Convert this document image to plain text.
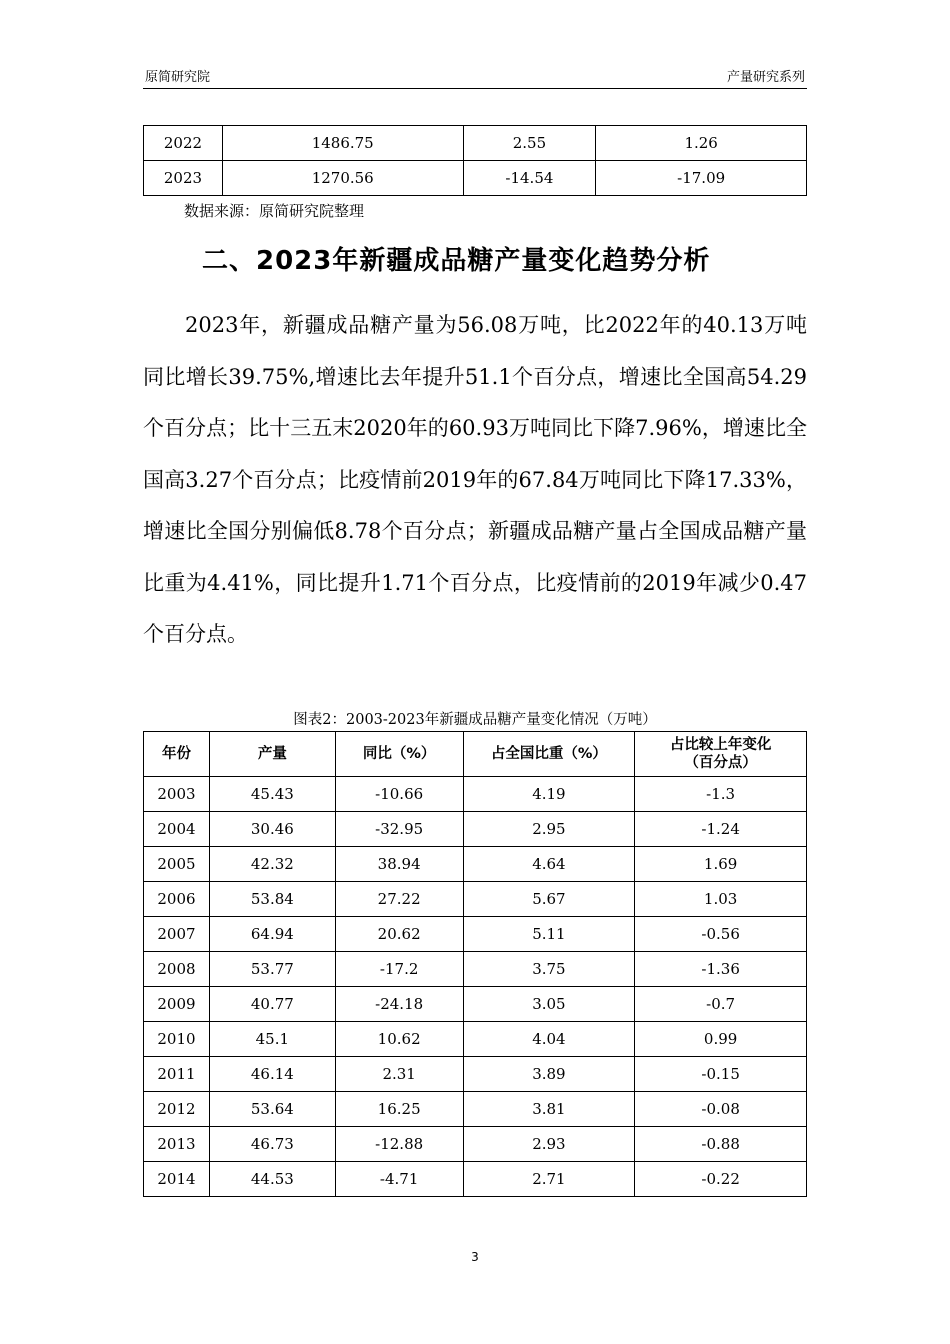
原简研究院	产量研究系列
2022	1486.75	2.55	1.26
2023	1270.56	-14.54	-17.09
数据来源：原简研究院整理
二、2023年新疆成品糖产量变化趋势分析

2023年，新疆成品糖产量为56.08万吨，比2022年的40.13万吨同比增长39.75%,增速比去年提升51.1个百分点，增速比全国高54.29个百分点；比十三五末2020年的60.93万吨同比下降7.96%，增速比全国高3.27个百分点；比疫情前2019年的67.84万吨同比下降17.33%，增速比全国分别偏低8.78个百分点；新疆成品糖产量占全国成品糖产量比重为4.41%，同比提升1.71个百分点，比疫情前的2019年减少0.47个百分点。

图表2：2003-2023年新疆成品糖产量变化情况（万吨）
年份	产量	同比（%）	占全国比重（%）	占比较上年变化
（百分点）
2003	45.43	-10.66	4.19	-1.3
2004	30.46	-32.95	2.95	-1.24
2005	42.32	38.94	4.64	1.69
2006	53.84	27.22	5.67	1.03
2007	64.94	20.62	5.11	-0.56
2008	53.77	-17.2	3.75	-1.36
2009	40.77	-24.18	3.05	-0.7
2010	45.1	10.62	4.04	0.99
2011	46.14	2.31	3.89	-0.15
2012	53.64	16.25	3.81	-0.08
2013	46.73	-12.88	2.93	-0.88
2014	44.53	-4.71	2.71	-0.22
3
